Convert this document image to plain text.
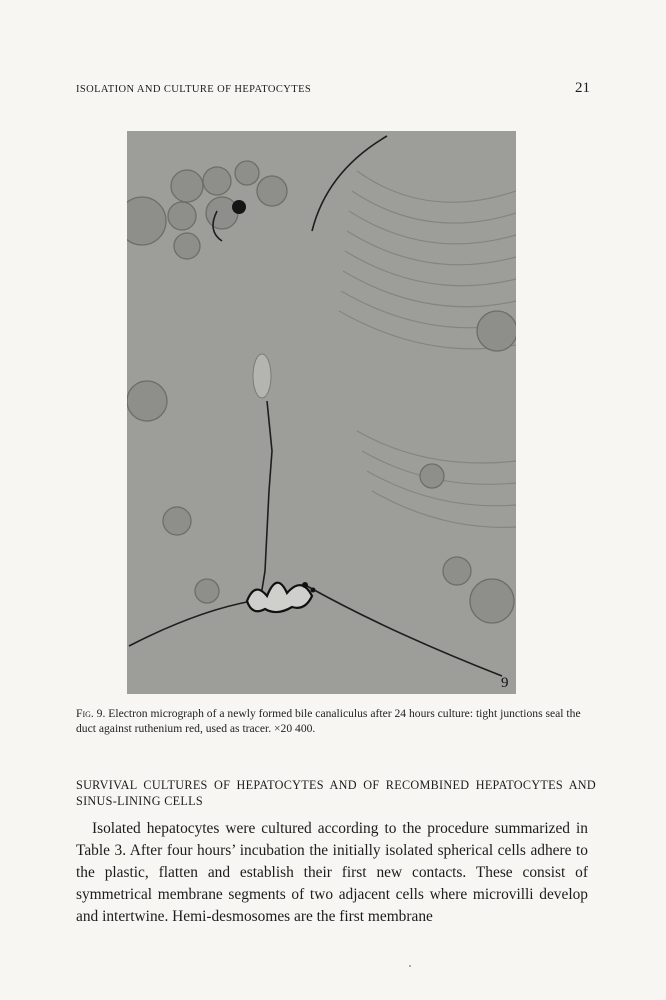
ISOLATION AND CULTURE OF HEPATOCYTES	21
9
Fig. 9. Electron micrograph of a newly formed bile canaliculus after 24 hours culture: tight junctions seal the duct against ruthenium red, used as tracer. ×20 400.
SURVIVAL CULTURES OF HEPATOCYTES AND OF RECOMBINED HEPATOCYTES AND SINUS-LINING CELLS

Isolated hepatocytes were cultured according to the procedure summarized in Table 3. After four hours’ incubation the initially isolated spherical cells adhere to the plastic, flatten and establish their first new contacts. These consist of symmetrical membrane segments of two adjacent cells where microvilli develop and intertwine. Hemi-desmosomes are the first membrane
